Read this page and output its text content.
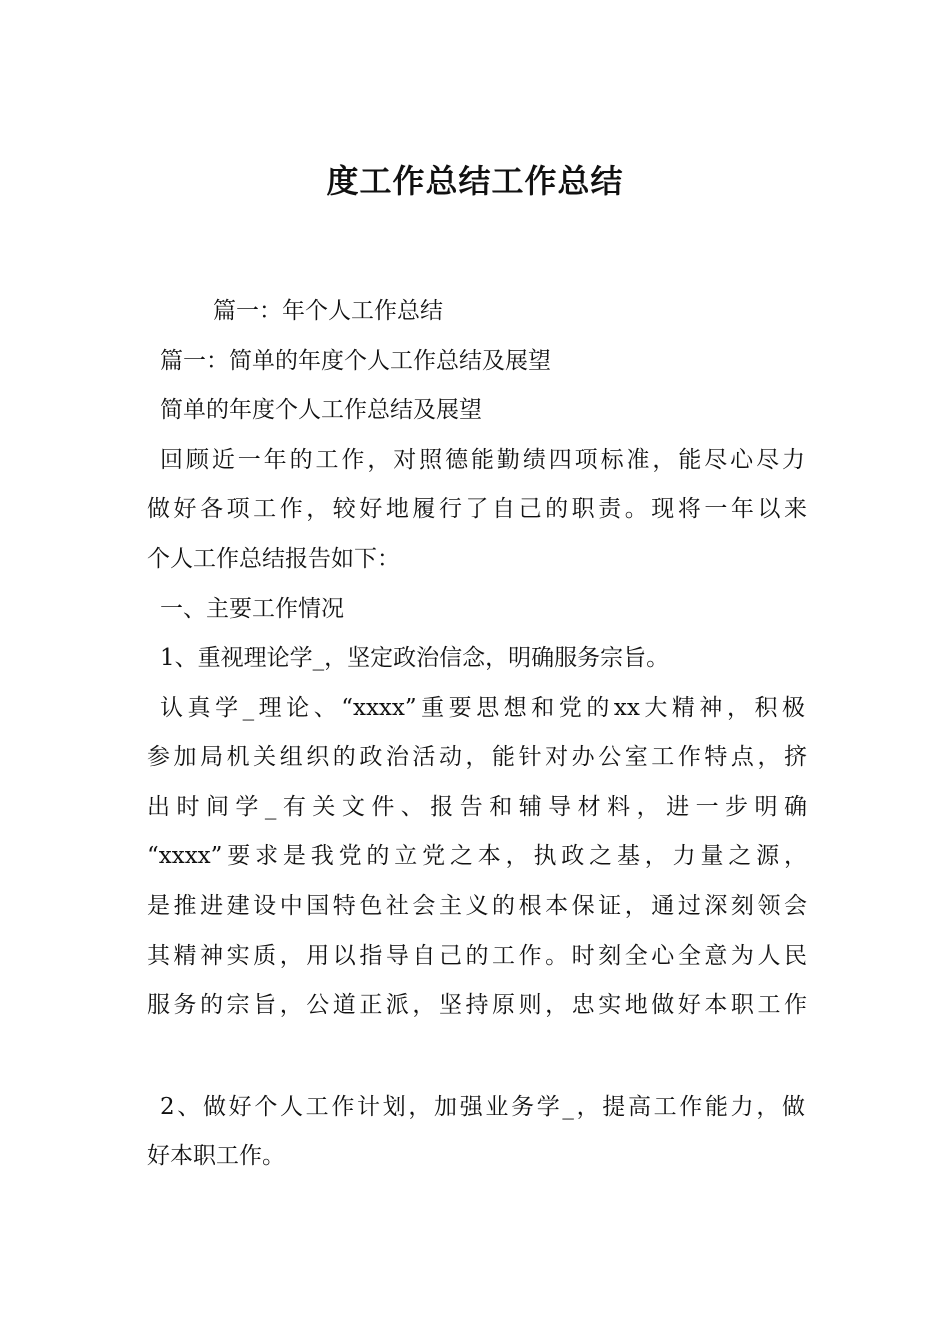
度工作总结工作总结
篇一：年个人工作总结
篇一：简单的年度个人工作总结及展望
简单的年度个人工作总结及展望
回顾近一年的工作，对照德能勤绩四项标准，能尽心尽力
做好各项工作，较好地履行了自己的职责。现将一年以来
个人工作总结报告如下：
一、主要工作情况
1、重视理论学_，坚定政治信念，明确服务宗旨。
认真学_理论、“xxxx”重要思想和党的xx大精神，积极
参加局机关组织的政治活动，能针对办公室工作特点，挤
出时间学_有关文件、报告和辅导材料，进一步明确
“xxxx”要求是我党的立党之本，执政之基，力量之源，
是推进建设中国特色社会主义的根本保证，通过深刻领会
其精神实质，用以指导自己的工作。时刻全心全意为人民
服务的宗旨，公道正派，坚持原则，忠实地做好本职工作
2、做好个人工作计划，加强业务学_，提高工作能力，做
好本职工作。
